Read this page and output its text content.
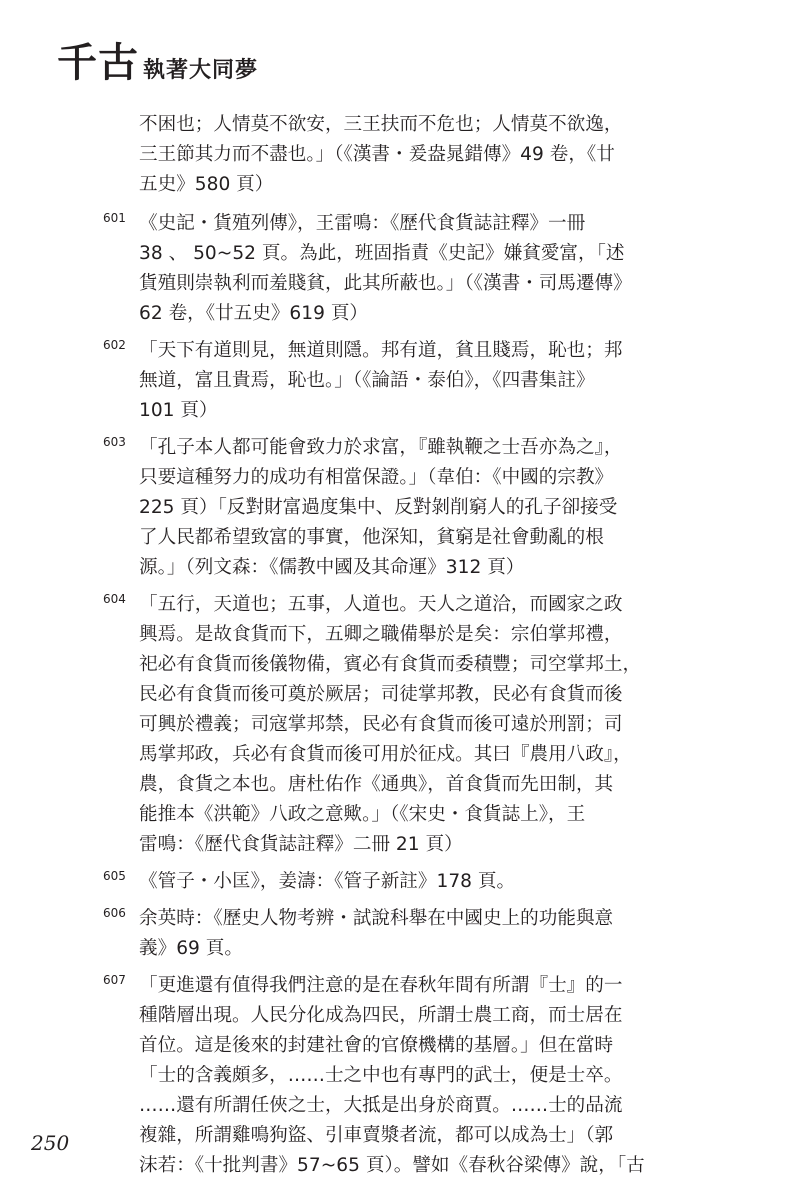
千古 執著大同夢
不困也；人情莫不欲安，三王扶而不危也；人情莫不欲逸，
三王節其力而不盡也。」（《漢書・爰盎晁錯傳》49 卷，《廿
五史》580 頁）
601 《史記・貨殖列傳》，王雷鳴：《歷代食貨誌註釋》一冊
38 、 50~52 頁。為此，班固指責《史記》嫌貧愛富，「述
貨殖則崇執利而羞賤貧，此其所蔽也。」（《漢書・司馬遷傳》
62 卷，《廿五史》619 頁）
602 「天下有道則見，無道則隱。邦有道，貧且賤焉，恥也；邦
無道，富且貴焉，恥也。」（《論語・泰伯》，《四書集註》
101 頁）
603 「孔子本人都可能會致力於求富，『雖執鞭之士吾亦為之』，
只要這種努力的成功有相當保證。」（韋伯：《中國的宗教》
225 頁）「反對財富過度集中、反對剝削窮人的孔子卻接受
了人民都希望致富的事實，他深知，貧窮是社會動亂的根
源。」（列文森：《儒教中國及其命運》312 頁）
604 「五行，天道也；五事，人道也。天人之道洽，而國家之政
興焉。是故食貨而下，五卿之職備舉於是矣：宗伯掌邦禮，
祀必有食貨而後儀物備，賓必有食貨而委積豐；司空掌邦土，
民必有食貨而後可奠於厥居；司徒掌邦教，民必有食貨而後
可興於禮義；司寇掌邦禁，民必有食貨而後可遠於刑罰；司
馬掌邦政，兵必有食貨而後可用於征戍。其曰『農用八政』，
農，食貨之本也。唐杜佑作《通典》，首食貨而先田制，其
能推本《洪範》八政之意歟。」（《宋史・食貨誌上》，王
雷鳴：《歷代食貨誌註釋》二冊 21 頁）
605 《管子・小匡》，姜濤：《管子新註》178 頁。
606 余英時：《歷史人物考辨・試說科舉在中國史上的功能與意
義》69 頁。
607 「更進還有值得我們注意的是在春秋年間有所謂『士』的一
種階層出現。人民分化成為四民，所謂士農工商，而士居在
首位。這是後來的封建社會的官僚機構的基層。」但在當時
「士的含義頗多，……士之中也有專門的武士，便是士卒。
……還有所謂任俠之士，大抵是出身於商賈。……士的品流
複雜，所謂雞鳴狗盜、引車賣漿者流，都可以成為士」（郭
沫若：《十批判書》57~65 頁）。譬如《春秋谷梁傳》說，「古
250
